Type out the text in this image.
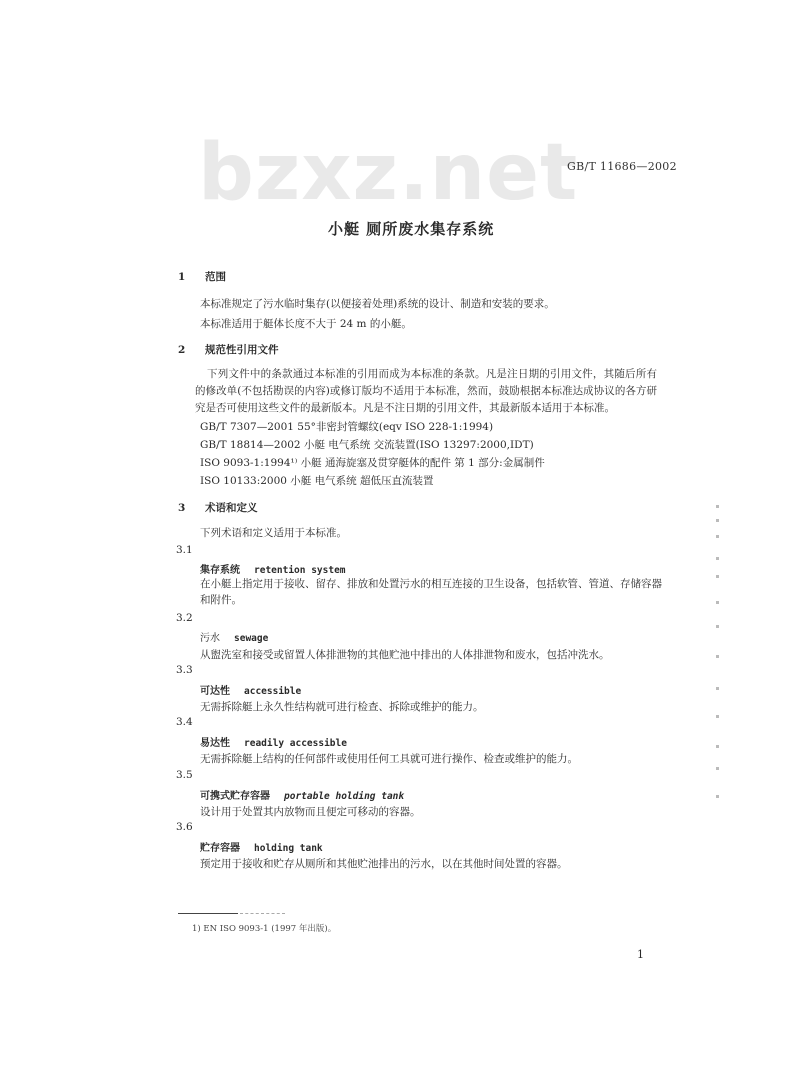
bzxz.net
GB/T 11686—2002
小艇 厕所废水集存系统
1 范围
本标准规定了污水临时集存(以便接着处理)系统的设计、制造和安装的要求。
本标准适用于艇体长度不大于 24 m 的小艇。
2 规范性引用文件
下列文件中的条款通过本标准的引用而成为本标准的条款。凡是注日期的引用文件，其随后所有的修改单(不包括勘误的内容)或修订版均不适用于本标准，然而，鼓励根据本标准达成协议的各方研究是否可使用这些文件的最新版本。凡是不注日期的引用文件，其最新版本适用于本标准。
GB/T 7307—2001 55°非密封管螺纹(eqv ISO 228-1:1994)
GB/T 18814—2002 小艇 电气系统 交流装置(ISO 13297:2000,IDT)
ISO 9093-1:1994¹⁾ 小艇 通海旋塞及贯穿艇体的配件 第 1 部分:金属制件
ISO 10133:2000 小艇 电气系统 超低压直流装置
3 术语和定义
下列术语和定义适用于本标准。
3.1
集存系统 retention system
在小艇上指定用于接收、留存、排放和处置污水的相互连接的卫生设备，包括软管、管道、存储容器和附件。
3.2
污水 sewage
从盥洗室和接受或留置人体排泄物的其他贮池中排出的人体排泄物和废水，包括冲洗水。
3.3
可达性 accessible
无需拆除艇上永久性结构就可进行检查、拆除或维护的能力。
3.4
易达性 readily accessible
无需拆除艇上结构的任何部件或使用任何工具就可进行操作、检查或维护的能力。
3.5
可携式贮存容器 portable holding tank
设计用于处置其内放物而且便定可移动的容器。
3.6
贮存容器 holding tank
预定用于接收和贮存从厕所和其他贮池排出的污水，以在其他时间处置的容器。
1) EN ISO 9093-1 (1997 年出版)。
1
